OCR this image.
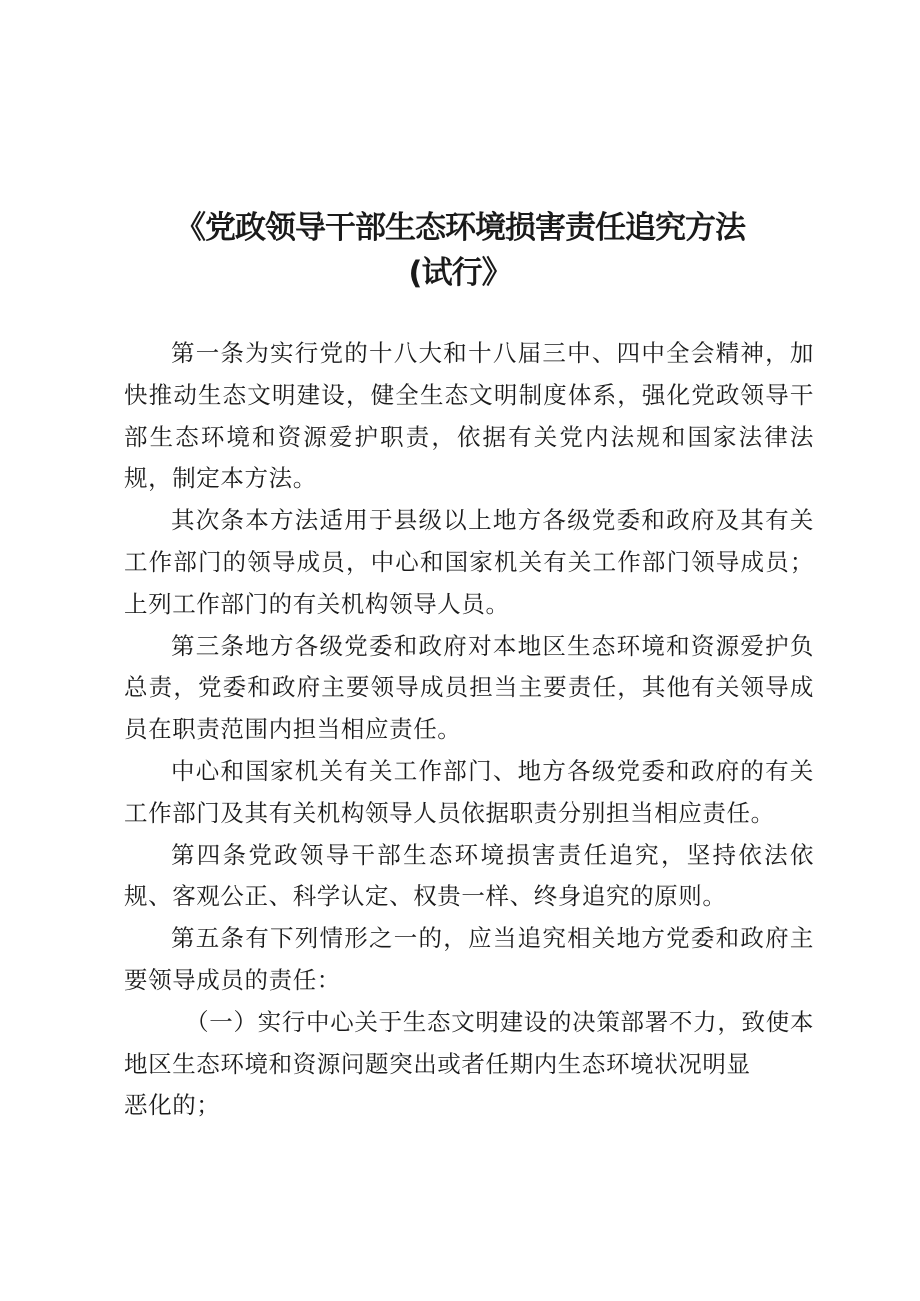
《党政领导干部生态环境损害责任追究方法
(试行》

第一条为实行党的十八大和十八届三中、四中全会精神，加快推动生态文明建设，健全生态文明制度体系，强化党政领导干部生态环境和资源爱护职责，依据有关党内法规和国家法律法规，制定本方法。

其次条本方法适用于县级以上地方各级党委和政府及其有关工作部门的领导成员，中心和国家机关有关工作部门领导成员；上列工作部门的有关机构领导人员。

第三条地方各级党委和政府对本地区生态环境和资源爱护负总责，党委和政府主要领导成员担当主要责任，其他有关领导成员在职责范围内担当相应责任。

中心和国家机关有关工作部门、地方各级党委和政府的有关工作部门及其有关机构领导人员依据职责分别担当相应责任。

第四条党政领导干部生态环境损害责任追究，坚持依法依规、客观公正、科学认定、权贵一样、终身追究的原则。

第五条有下列情形之一的，应当追究相关地方党委和政府主要领导成员的责任：

（一）实行中心关于生态文明建设的决策部署不力，致使本地区生态环境和资源问题突出或者任期内生态环境状况明显

恶化的；
